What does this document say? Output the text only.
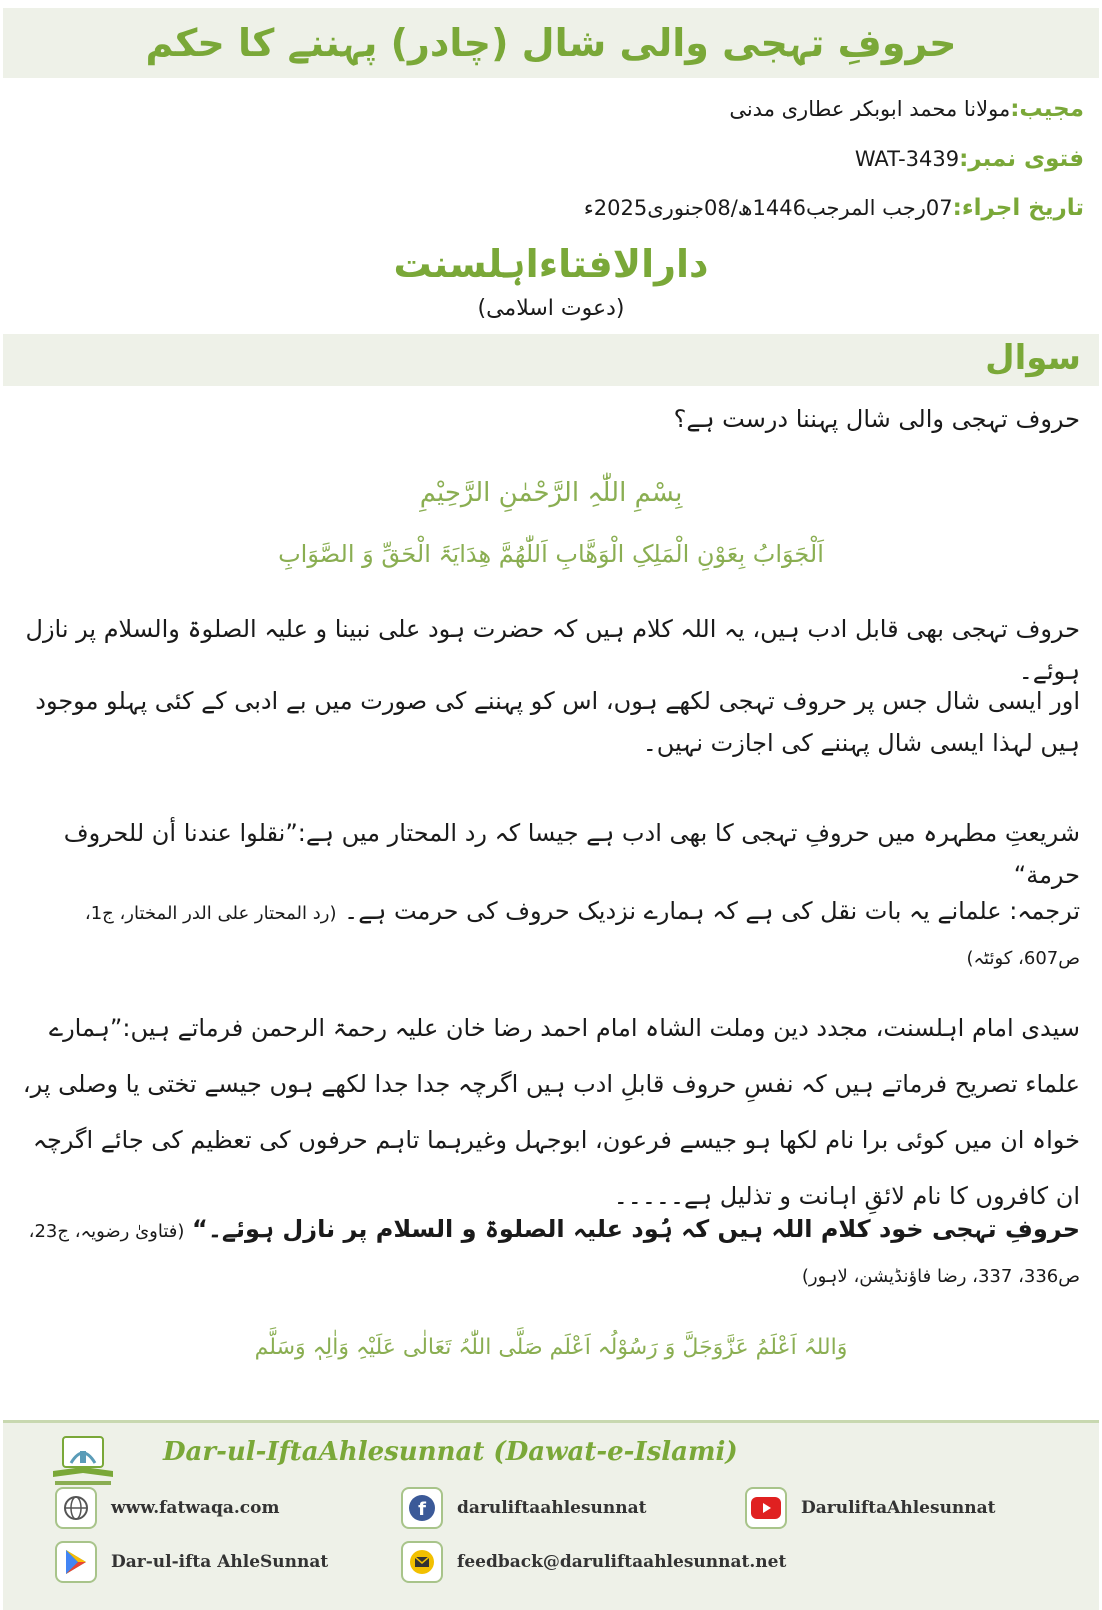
حروفِ تہجی والی شال (چادر) پہننے کا حکم
مجیب:مولانا محمد ابوبکر عطاری مدنی
فتوی نمبر:WAT-3439
تاریخ اجراء:07رجب المرجب1446ھ/08جنوری2025ء
دارالافتاءاہلسنت
(دعوت اسلامی)
سوال
حروف تہجی والی شال پہننا درست ہے؟
بِسْمِ اللّٰہِ الرَّحْمٰنِ الرَّحِیْمِ
اَلْجَوَابُ بِعَوْنِ الْمَلِکِ الْوَھَّابِ اَللّٰھُمَّ ھِدَایَۃَ الْحَقِّ وَ الصَّوَابِ
حروف تہجی بھی قابل ادب ہیں، یہ اللہ کلام ہیں کہ حضرت ہود علی نبینا و علیہ الصلوۃ والسلام پر نازل ہوئے۔
اور ایسی شال جس پر حروف تہجی لکھے ہوں، اس کو پہننے کی صورت میں بے ادبی کے کئی پہلو موجود ہیں لہذا ایسی شال پہننے کی اجازت نہیں۔
شریعتِ مطہرہ میں حروفِ تہجی کا بھی ادب ہے جیسا کہ رد المحتار میں ہے:”نقلوا عندنا أن للحروف حرمة“
ترجمہ: علمانے یہ بات نقل کی ہے کہ ہمارے نزدیک حروف کی حرمت ہے۔ (رد المحتار علی الدر المختار، ج1، ص607، کوئٹہ)
سیدی امام اہلسنت، مجدد دین وملت الشاہ امام احمد رضا خان علیہ رحمۃ الرحمن فرماتے ہیں:”ہمارے علماء تصریح فرماتے ہیں کہ نفسِ حروف قابلِ ادب ہیں اگرچہ جدا جدا لکھے ہوں جیسے تختی یا وصلی پر، خواہ ان میں کوئی برا نام لکھا ہو جیسے فرعون، ابوجہل وغیرہما تاہم حرفوں کی تعظیم کی جائے اگرچہ ان کافروں کا نام لائقِ اہانت و تذلیل ہے۔۔۔۔۔
حروفِ تہجی خود کلام اللہ ہیں کہ ہُود علیہ الصلوۃ و السلام پر نازل ہوئے۔“ (فتاویٰ رضویہ، ج23، ص336، 337، رضا فاؤنڈیشن، لاہور)
وَاللہُ اَعْلَمُ عَزَّوَجَلَّ وَ رَسُوْلُہ اَعْلَم صَلَّی اللّٰہُ تَعَالٰی عَلَیْہِ وَاٰلِہٖ وَسَلَّم
Dar-ul-IftaAhlesunnat (Dawat-e-Islami)
www.fatwaqa.com	f daruliftaahlesunnat	DaruliftaAhlesunnat
Dar-ul-ifta AhleSunnat	feedback@daruliftaahlesunnat.net
